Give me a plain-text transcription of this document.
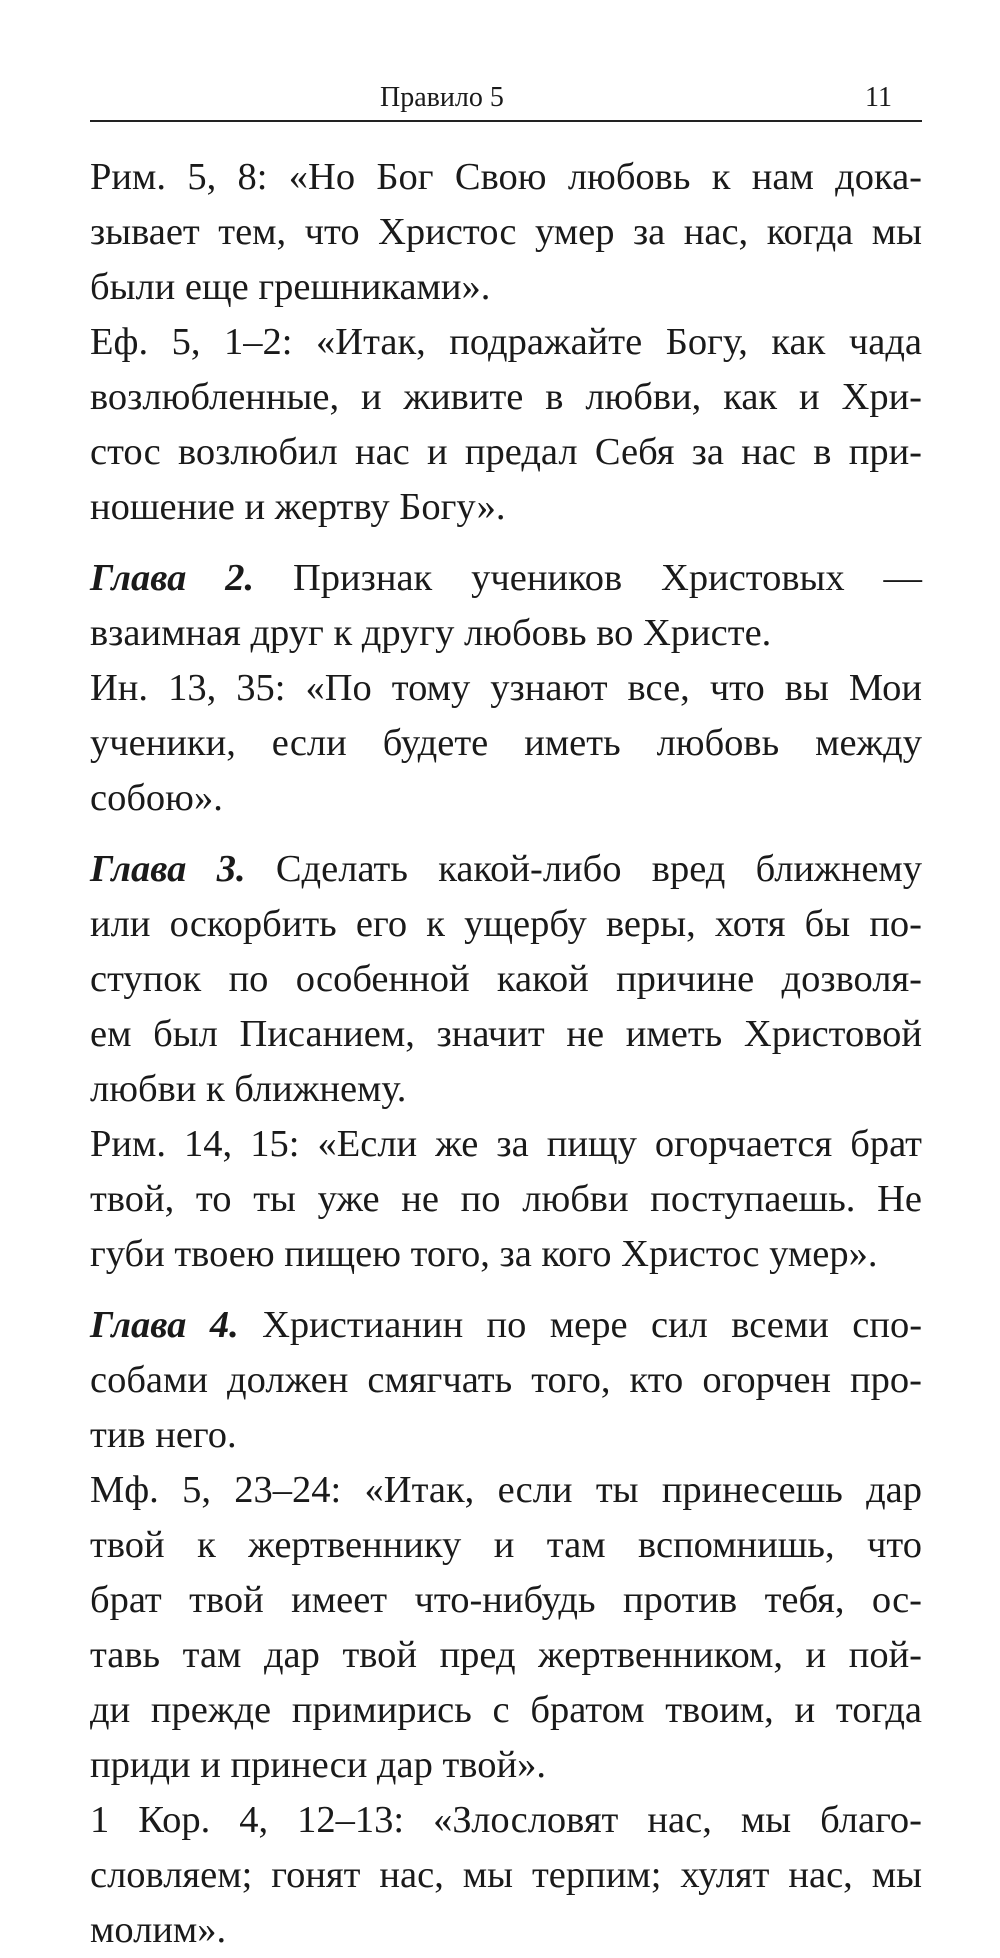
Правило 5	11

Рим. 5, 8: «Но Бог Свою любовь к нам дока-
зывает тем, что Христос умер за нас, когда мы
были еще грешниками».

Еф. 5, 1–2: «Итак, подражайте Богу, как чада
возлюбленные, и живите в любви, как и Хри-
стос возлюбил нас и предал Себя за нас в при-
ношение и жертву Богу».

Глава 2. Признак учеников Христовых —
взаимная друг к другу любовь во Христе.

Ин. 13, 35: «По тому узнают все, что вы Мои
ученики, если будете иметь любовь между
собою».

Глава 3. Сделать какой-либо вред ближнему
или оскорбить его к ущербу веры, хотя бы по-
ступок по особенной какой причине дозволя-
ем был Писанием, значит не иметь Христовой
любви к ближнему.

Рим. 14, 15: «Если же за пищу огорчается брат
твой, то ты уже не по любви поступаешь. Не
губи твоею пищею того, за кого Христос умер».

Глава 4. Христианин по мере сил всеми спо-
собами должен смягчать того, кто огорчен про-
тив него.

Мф. 5, 23–24: «Итак, если ты принесешь дар
твой к жертвеннику и там вспомнишь, что
брат твой имеет что-нибудь против тебя, ос-
тавь там дар твой пред жертвенником, и пой-
ди прежде примирись с братом твоим, и тогда
приди и принеси дар твой».

1 Кор. 4, 12–13: «Злословят нас, мы благо-
словляем; гонят нас, мы терпим; хулят нас, мы
молим».
